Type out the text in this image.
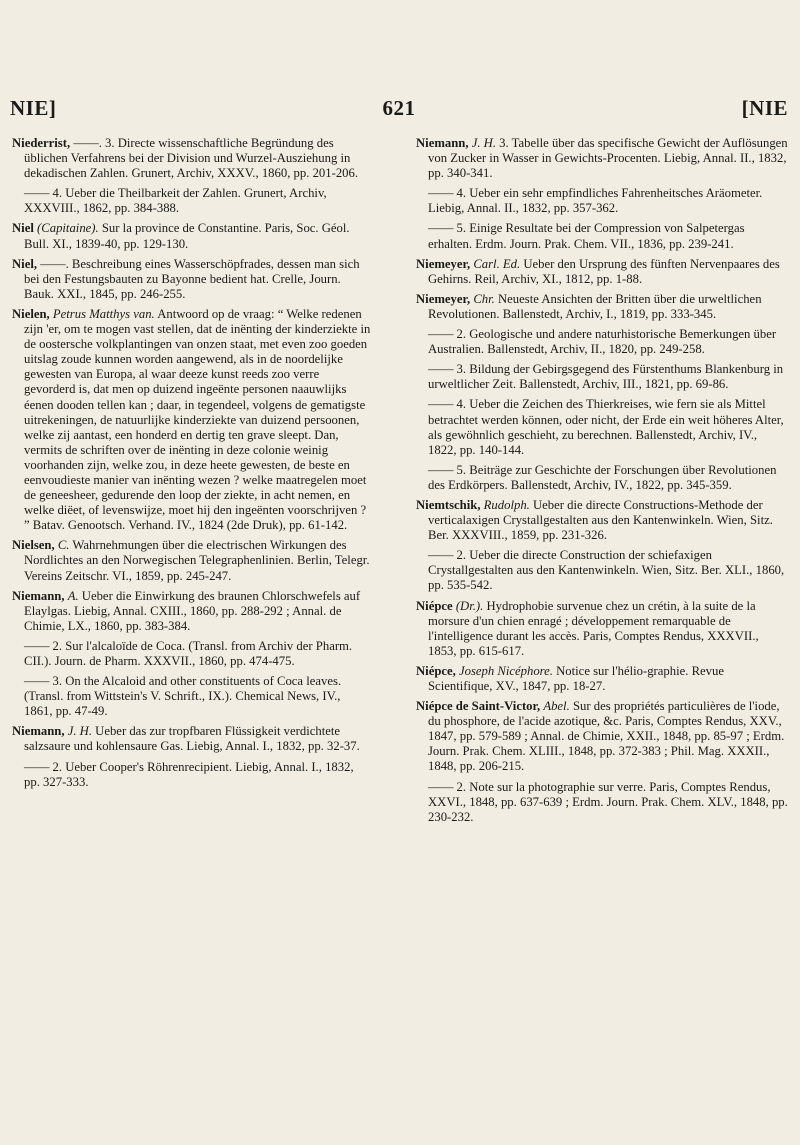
NIE]	621	[NIE
Niederrist, ——. 3. Directe wissenschaftliche Begründung des üblichen Verfahrens bei der Division und Wurzel-Ausziehung in dekadischen Zahlen. Grunert, Archiv, XXXV., 1860, pp. 201-206.
—— 4. Ueber die Theilbarkeit der Zahlen. Grunert, Archiv, XXXVIII., 1862, pp. 384-388.
Niel (Capitaine). Sur la province de Constantine. Paris, Soc. Géol. Bull. XI., 1839-40, pp. 129-130.
Niel, ——. Beschreibung eines Wasserschöpfrades, dessen man sich bei den Festungsbauten zu Bayonne bedient hat. Crelle, Journ. Bauk. XXI., 1845, pp. 246-255.
Nielen, Petrus Matthys van. Antwoord op de vraag: “ Welke redenen zijn 'er, om te mogen vast stellen, dat de inënting der kinderziekte in de oostersche volkplantingen van onzen staat, met even zoo goeden uitslag zoude kunnen worden aangewend, als in de noordelijke gewesten van Europa, al waar deeze kunst reeds zoo verre gevorderd is, dat men op duizend ingeënte personen naauwlijks éenen dooden tellen kan ; daar, in tegendeel, volgens de gematigste uitrekeningen, de natuurlijke kinderziekte van duizend persoonen, welke zij aantast, een honderd en dertig ten grave sleept. Dan, vermits de schriften over de inënting in deze colonie weinig voorhanden zijn, welke zou, in deze heete gewesten, de beste en eenvoudieste manier van inënting wezen ? welke maatregelen moet de geneesheer, gedurende den loop der ziekte, in acht nemen, en welke diëet, of levenswijze, moet hij den ingeënten voorschrijven ? ” Batav. Genootsch. Verhand. IV., 1824 (2de Druk), pp. 61-142.
Nielsen, C. Wahrnehmungen über die electrischen Wirkungen des Nordlichtes an den Norwegischen Telegraphenlinien. Berlin, Telegr. Vereins Zeitschr. VI., 1859, pp. 245-247.
Niemann, A. Ueber die Einwirkung des braunen Chlorschwefels auf Elaylgas. Liebig, Annal. CXIII., 1860, pp. 288-292 ; Annal. de Chimie, LX., 1860, pp. 383-384.
—— 2. Sur l'alcaloïde de Coca. (Transl. from Archiv der Pharm. CII.). Journ. de Pharm. XXXVII., 1860, pp. 474-475.
—— 3. On the Alcaloid and other constituents of Coca leaves. (Transl. from Wittstein's V. Schrift., IX.). Chemical News, IV., 1861, pp. 47-49.
Niemann, J. H. Ueber das zur tropfbaren Flüssigkeit verdichtete salzsaure und kohlensaure Gas. Liebig, Annal. I., 1832, pp. 32-37.
—— 2. Ueber Cooper's Röhrenrecipient. Liebig, Annal. I., 1832, pp. 327-333.
Niemann, J. H. 3. Tabelle über das specifische Gewicht der Auflösungen von Zucker in Wasser in Gewichts-Procenten. Liebig, Annal. II., 1832, pp. 340-341.
—— 4. Ueber ein sehr empfindliches Fahrenheitsches Aräometer. Liebig, Annal. II., 1832, pp. 357-362.
—— 5. Einige Resultate bei der Compression von Salpetergas erhalten. Erdm. Journ. Prak. Chem. VII., 1836, pp. 239-241.
Niemeyer, Carl. Ed. Ueber den Ursprung des fünften Nervenpaares des Gehirns. Reil, Archiv, XI., 1812, pp. 1-88.
Niemeyer, Chr. Neueste Ansichten der Britten über die urweltlichen Revolutionen. Ballenstedt, Archiv, I., 1819, pp. 333-345.
—— 2. Geologische und andere naturhistorische Bemerkungen über Australien. Ballenstedt, Archiv, II., 1820, pp. 249-258.
—— 3. Bildung der Gebirgsgegend des Fürstenthums Blankenburg in urweltlicher Zeit. Ballenstedt, Archiv, III., 1821, pp. 69-86.
—— 4. Ueber die Zeichen des Thierkreises, wie fern sie als Mittel betrachtet werden können, oder nicht, der Erde ein weit höheres Alter, als gewöhnlich geschieht, zu berechnen. Ballenstedt, Archiv, IV., 1822, pp. 140-144.
—— 5. Beiträge zur Geschichte der Forschungen über Revolutionen des Erdkörpers. Ballenstedt, Archiv, IV., 1822, pp. 345-359.
Niemtschik, Rudolph. Ueber die directe Constructions-Methode der verticalaxigen Crystallgestalten aus den Kantenwinkeln. Wien, Sitz. Ber. XXXVIII., 1859, pp. 231-326.
—— 2. Ueber die directe Construction der schiefaxigen Crystallgestalten aus den Kantenwinkeln. Wien, Sitz. Ber. XLI., 1860, pp. 535-542.
Niépce (Dr.). Hydrophobie survenue chez un crétin, à la suite de la morsure d'un chien enragé ; développement remarquable de l'intelligence durant les accès. Paris, Comptes Rendus, XXXVII., 1853, pp. 615-617.
Niépce, Joseph Nicéphore. Notice sur l'hélio-graphie. Revue Scientifique, XV., 1847, pp. 18-27.
Niépce de Saint-Victor, Abel. Sur des propriétés particulières de l'iode, du phosphore, de l'acide azotique, &c. Paris, Comptes Rendus, XXV., 1847, pp. 579-589 ; Annal. de Chimie, XXII., 1848, pp. 85-97 ; Erdm. Journ. Prak. Chem. XLIII., 1848, pp. 372-383 ; Phil. Mag. XXXII., 1848, pp. 206-215.
—— 2. Note sur la photographie sur verre. Paris, Comptes Rendus, XXVI., 1848, pp. 637-639 ; Erdm. Journ. Prak. Chem. XLV., 1848, pp. 230-232.
